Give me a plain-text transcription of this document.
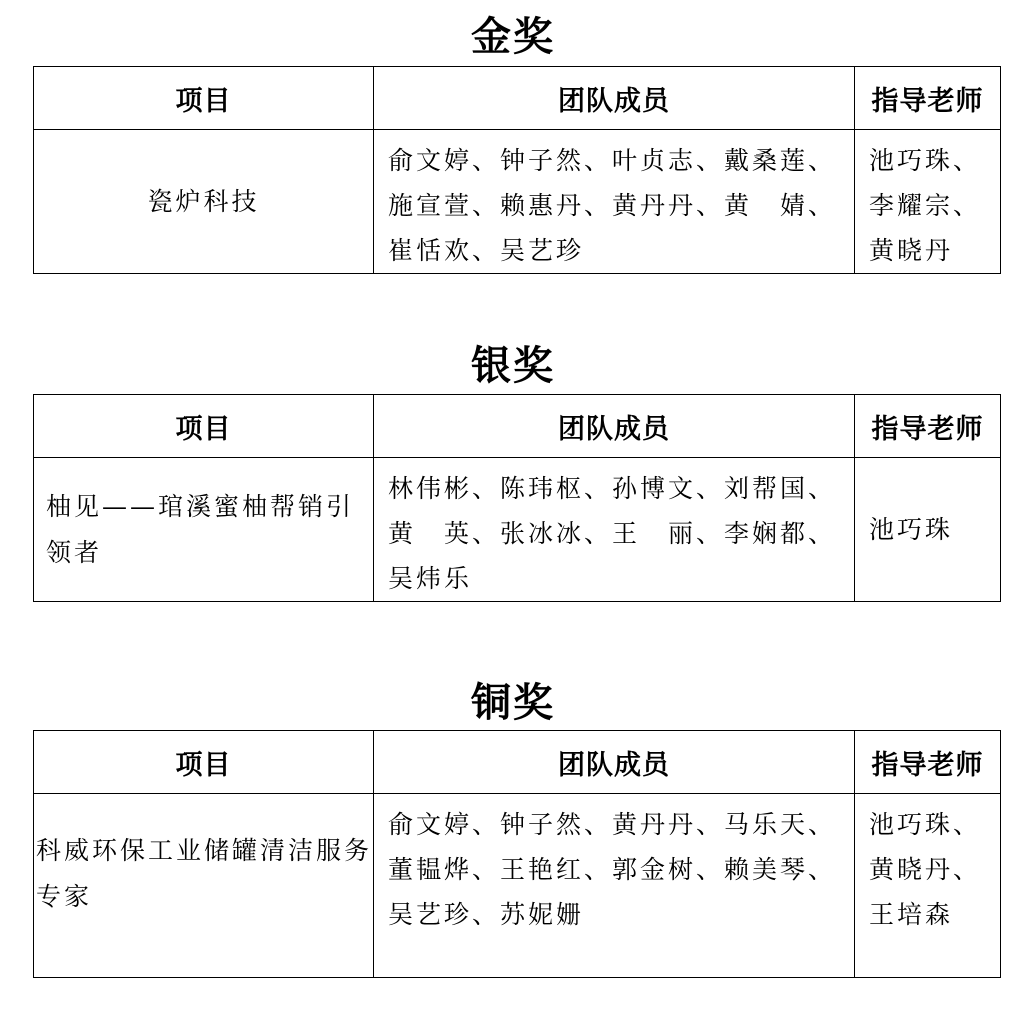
金奖
项目	团队成员	指导老师

瓷炉科技	俞文婷、钟子然、叶贞志、戴桑莲、施宣萱、赖惠丹、黄丹丹、黄　婧、崔恬欢、吴艺珍	池巧珠、李耀宗、黄晓丹
银奖
项目	团队成员	指导老师

柚见——琯溪蜜柚帮销引领者	林伟彬、陈玮枢、孙博文、刘帮国、黄　英、张冰冰、王　丽、李娴都、吴炜乐	池巧珠
铜奖
项目	团队成员	指导老师

科威环保工业储罐清洁服务专家	俞文婷、钟子然、黄丹丹、马乐天、董韫烨、王艳红、郭金树、赖美琴、吴艺珍、苏妮姗	池巧珠、黄晓丹、王培森
